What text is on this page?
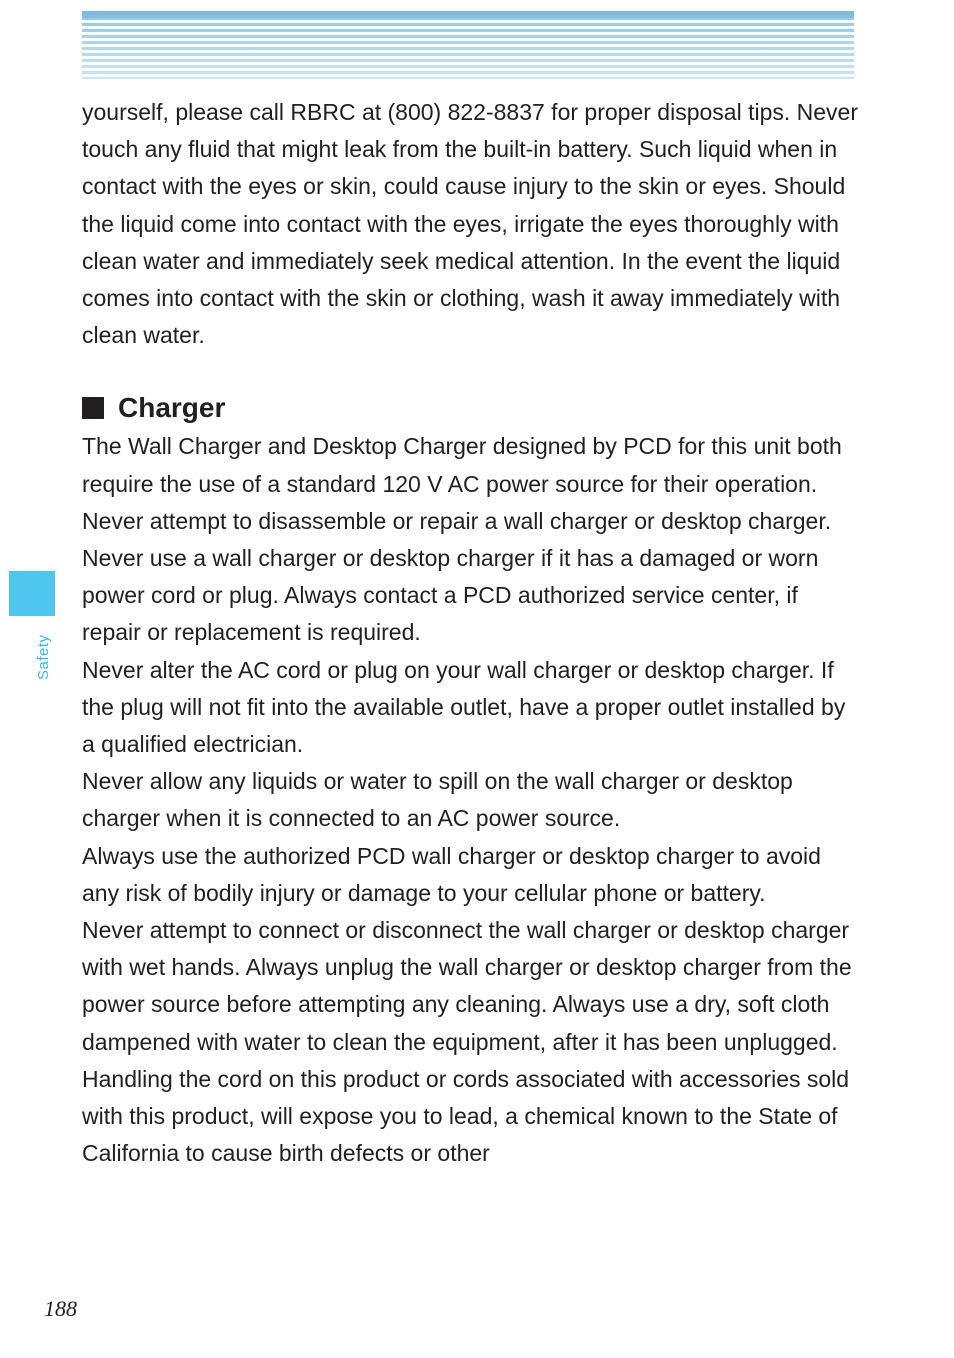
Safety

yourself, please call RBRC at (800) 822-8837 for proper disposal tips. Never touch any fluid that might leak from the built-in battery. Such liquid when in contact with the eyes or skin, could cause injury to the skin or eyes. Should the liquid come into contact with the eyes, irrigate the eyes thoroughly with clean water and immediately seek medical attention. In the event the liquid comes into contact with the skin or clothing, wash it away immediately with clean water.

Charger

The Wall Charger and Desktop Charger designed by PCD for this unit both require the use of a standard 120 V AC power source for their operation.

Never attempt to disassemble or repair a wall charger or desktop charger. Never use a wall charger or desktop charger if it has a damaged or worn power cord or plug. Always contact a PCD authorized service center, if repair or replacement is required.

Never alter the AC cord or plug on your wall charger or desktop charger. If the plug will not fit into the available outlet, have a proper outlet installed by a qualified electrician.

Never allow any liquids or water to spill on the wall charger or desktop charger when it is connected to an AC power source.

Always use the authorized PCD wall charger or desktop charger to avoid any risk of bodily injury or damage to your cellular phone or battery.

Never attempt to connect or disconnect the wall charger or desktop charger with wet hands. Always unplug the wall charger or desktop charger from the power source before attempting any cleaning. Always use a dry, soft cloth dampened with water to clean the equipment, after it has been unplugged.

Handling the cord on this product or cords associated with accessories sold with this product, will expose you to lead, a chemical known to the State of California to cause birth defects or other

188
